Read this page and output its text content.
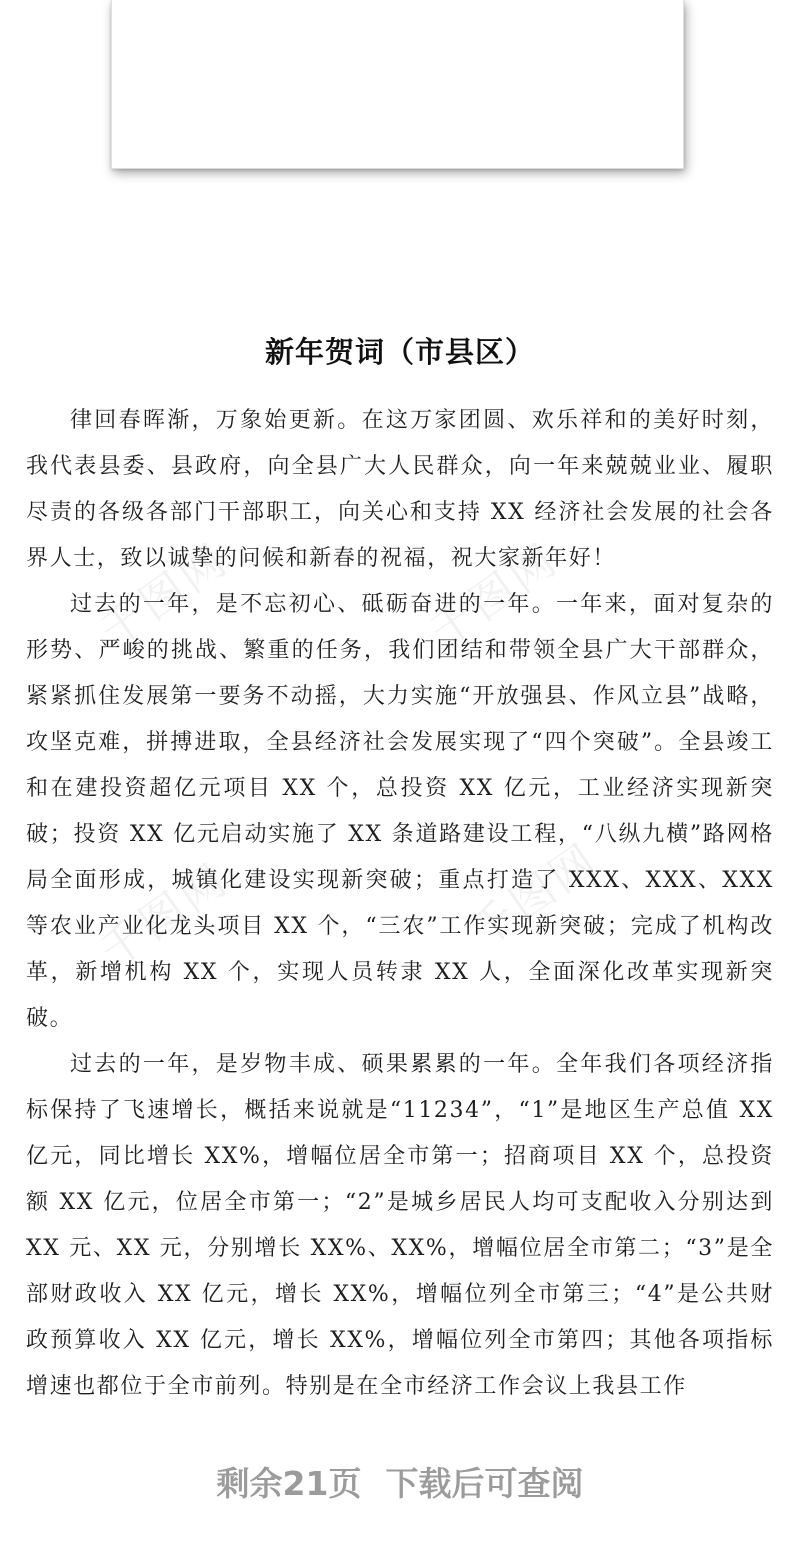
千图网	千图网
千图网	千图网
新年贺词（市县区）

律回春晖渐，万象始更新。在这万家团圆、欢乐祥和的美好时刻，我代表县委、县政府，向全县广大人民群众，向一年来兢兢业业、履职尽责的各级各部门干部职工，向关心和支持 XX 经济社会发展的社会各界人士，致以诚挚的问候和新春的祝福，祝大家新年好！

过去的一年，是不忘初心、砥砺奋进的一年。一年来，面对复杂的形势、严峻的挑战、繁重的任务，我们团结和带领全县广大干部群众，紧紧抓住发展第一要务不动摇，大力实施“开放强县、作风立县”战略，攻坚克难，拼搏进取，全县经济社会发展实现了“四个突破”。全县竣工和在建投资超亿元项目 XX 个，总投资 XX 亿元，工业经济实现新突破；投资 XX 亿元启动实施了 XX 条道路建设工程，“八纵九横”路网格局全面形成，城镇化建设实现新突破；重点打造了 XXX、XXX、XXX 等农业产业化龙头项目 XX 个，“三农”工作实现新突破；完成了机构改革，新增机构 XX 个，实现人员转隶 XX 人，全面深化改革实现新突破。

过去的一年，是岁物丰成、硕果累累的一年。全年我们各项经济指标保持了飞速增长，概括来说就是“11234”，“1”是地区生产总值 XX 亿元，同比增长 XX%，增幅位居全市第一；招商项目 XX 个，总投资额 XX 亿元，位居全市第一；“2”是城乡居民人均可支配收入分别达到 XX 元、XX 元，分别增长 XX%、XX%，增幅位居全市第二；“3”是全部财政收入 XX 亿元，增长 XX%，增幅位列全市第三；“4”是公共财政预算收入 XX 亿元，增长 XX%，增幅位列全市第四；其他各项指标增速也都位于全市前列。特别是在全市经济工作会议上我县工作

剩余21页 下载后可查阅
